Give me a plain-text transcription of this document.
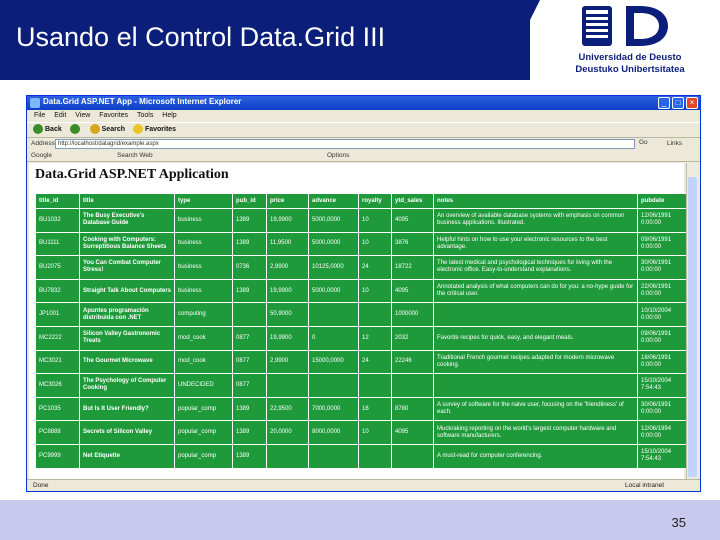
Usando el Control Data.Grid III
Universidad de Deusto
Deustuko Unibertsitatea
Data.Grid ASP.NET App - Microsoft Internet Explorer	_	□	×
File Edit View Favorites Tools Help
Back	Search	Favorites
Address http://localhost/datagrid/example.aspx	Go	Links
Google	Search Web	Options
Data.Grid ASP.NET Application
title_id	title	type	pub_id	price	advance	royalty	ytd_sales	notes	pubdate
BU1032	The Busy Executive's Database Guide	business	1389	19,9900	5000,0000	10	4095	An overview of available database systems with emphasis on common business applications. Illustrated.	12/06/1991 0:00:00
BU1111	Cooking with Computers: Surreptitious Balance Sheets	business	1389	11,9500	5000,0000	10	3876	Helpful hints on how to use your electronic resources to the best advantage.	09/06/1991 0:00:00
BU2075	You Can Combat Computer Stress!	business	0736	2,9900	10125,0000	24	18722	The latest medical and psychological techniques for living with the electronic office. Easy-to-understand explanations.	30/06/1991 0:00:00
BU7832	Straight Talk About Computers	business	1389	19,9900	5000,0000	10	4095	Annotated analysis of what computers can do for you: a no-hype guide for the critical user.	22/06/1991 0:00:00
JP1001	Apuntes programación distribuida con .NET	computing		50,9000			1000000		10/10/2004 0:00:00
MC2222	Silicon Valley Gastronomic Treats	mod_cook	0877	19,9900	0	12	2032	Favorite recipes for quick, easy, and elegant meals.	09/06/1991 0:00:00
MC3021	The Gourmet Microwave	mod_cook	0877	2,9900	15000,0000	24	22246	Traditional French gourmet recipes adapted for modern microwave cooking.	18/06/1991 0:00:00
MC3026	The Psychology of Computer Cooking	UNDECIDED	0877						15/10/2004 7:54:43
PC1035	But Is It User Friendly?	popular_comp	1389	22,9500	7000,0000	16	8780	A survey of software for the naive user, focusing on the 'friendliness' of each.	30/06/1991 0:00:00
PC8888	Secrets of Silicon Valley	popular_comp	1389	20,0000	8000,0000	10	4095	Muckraking reporting on the world's largest computer hardware and software manufacturers.	12/06/1994 0:00:00
PC9999	Net Etiquette	popular_comp	1389					A must-read for computer conferencing.	15/10/2004 7:54:43
Done	Local intranet
35
